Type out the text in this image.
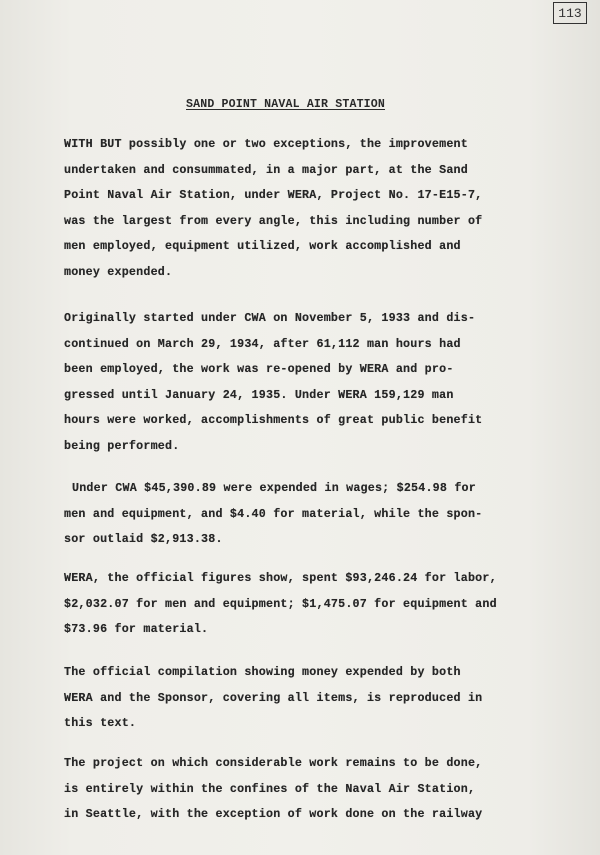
113
SAND POINT NAVAL AIR STATION
WITH BUT possibly one or two exceptions, the improvement
undertaken and consummated, in a major part, at the Sand
Point Naval Air Station, under WERA, Project No. 17-E15-7,
was the largest from every angle, this including number of
men employed, equipment utilized, work accomplished and
money expended.
Originally started under CWA on November 5, 1933 and dis-
continued on March 29, 1934, after 61,112 man hours had
been employed, the work was re-opened by WERA and pro-
gressed until January 24, 1935. Under WERA 159,129 man
hours were worked, accomplishments of great public benefit
being performed.
Under CWA $45,390.89 were expended in wages; $254.98 for
men and equipment, and $4.40 for material, while the spon-
sor outlaid $2,913.38.
WERA, the official figures show, spent $93,246.24 for labor,
$2,032.07 for men and equipment; $1,475.07 for equipment and
$73.96 for material.
The official compilation showing money expended by both
WERA and the Sponsor, covering all items, is reproduced in
this text.
The project on which considerable work remains to be done,
is entirely within the confines of the Naval Air Station,
in Seattle, with the exception of work done on the railway
